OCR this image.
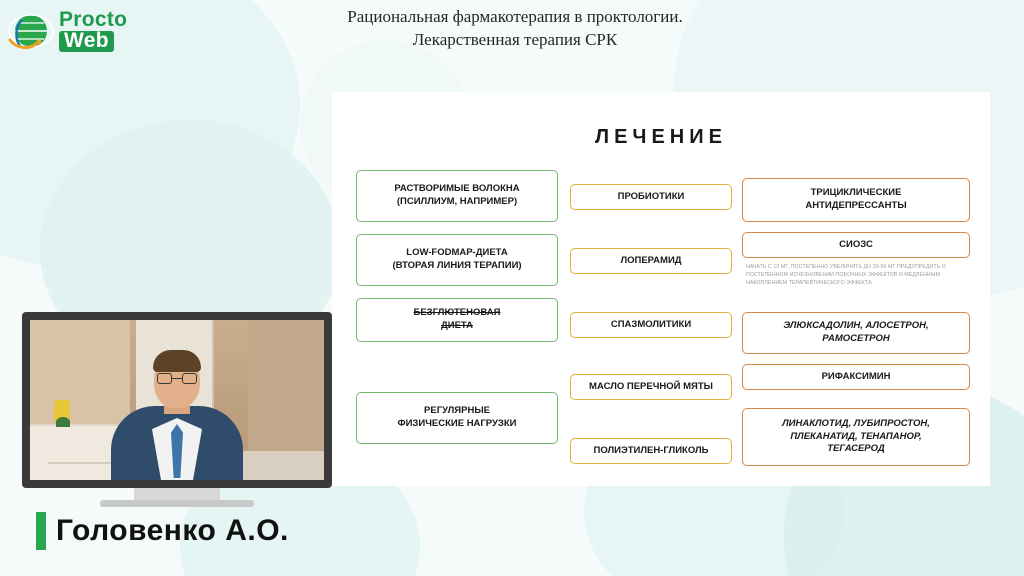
Procto
Web
Рациональная фармакотерапия в проктологии.
Лекарственная терапия СРК
ЛЕЧЕНИЕ
РАСТВОРИМЫЕ ВОЛОКНА
(ПСИЛЛИУМ, НАПРИМЕР)
LOW-FODMAP-ДИЕТА
(ВТОРАЯ ЛИНИЯ ТЕРАПИИ)
БЕЗГЛЮТЕНОВАЯ
ДИЕТА
РЕГУЛЯРНЫЕ
ФИЗИЧЕСКИЕ НАГРУЗКИ
ПРОБИОТИКИ
ЛОПЕРАМИД
СПАЗМОЛИТИКИ
МАСЛО ПЕРЕЧНОЙ МЯТЫ
ПОЛИЭТИЛЕН-ГЛИКОЛЬ
ТРИЦИКЛИЧЕСКИЕ
АНТИДЕПРЕССАНТЫ
СИОЗС
НАЧАТЬ С 10 МГ, ПОСТЕПЕННО УВЕЛИЧИТЬ ДО 30-50 МГ ПРЕДУПРЕДИТЬ О ПОСТЕПЕННОМ ИСЧЕЗНОВЕНИИ ПОБОЧНЫХ ЭФФЕКТОВ И МЕДЛЕННЫМ НАКОПЛЕНИЕМ ТЕРАПЕВТИЧЕСКОГО ЭФФЕКТА
ЭЛЮКСАДОЛИН, АЛОСЕТРОН,
РАМОСЕТРОН
РИФАКСИМИН
ЛИНАКЛОТИД, ЛУБИПРОСТОН,
ПЛЕКАНАТИД, ТЕНАПАНОР,
ТЕГАСЕРОД
Головенко А.О.
